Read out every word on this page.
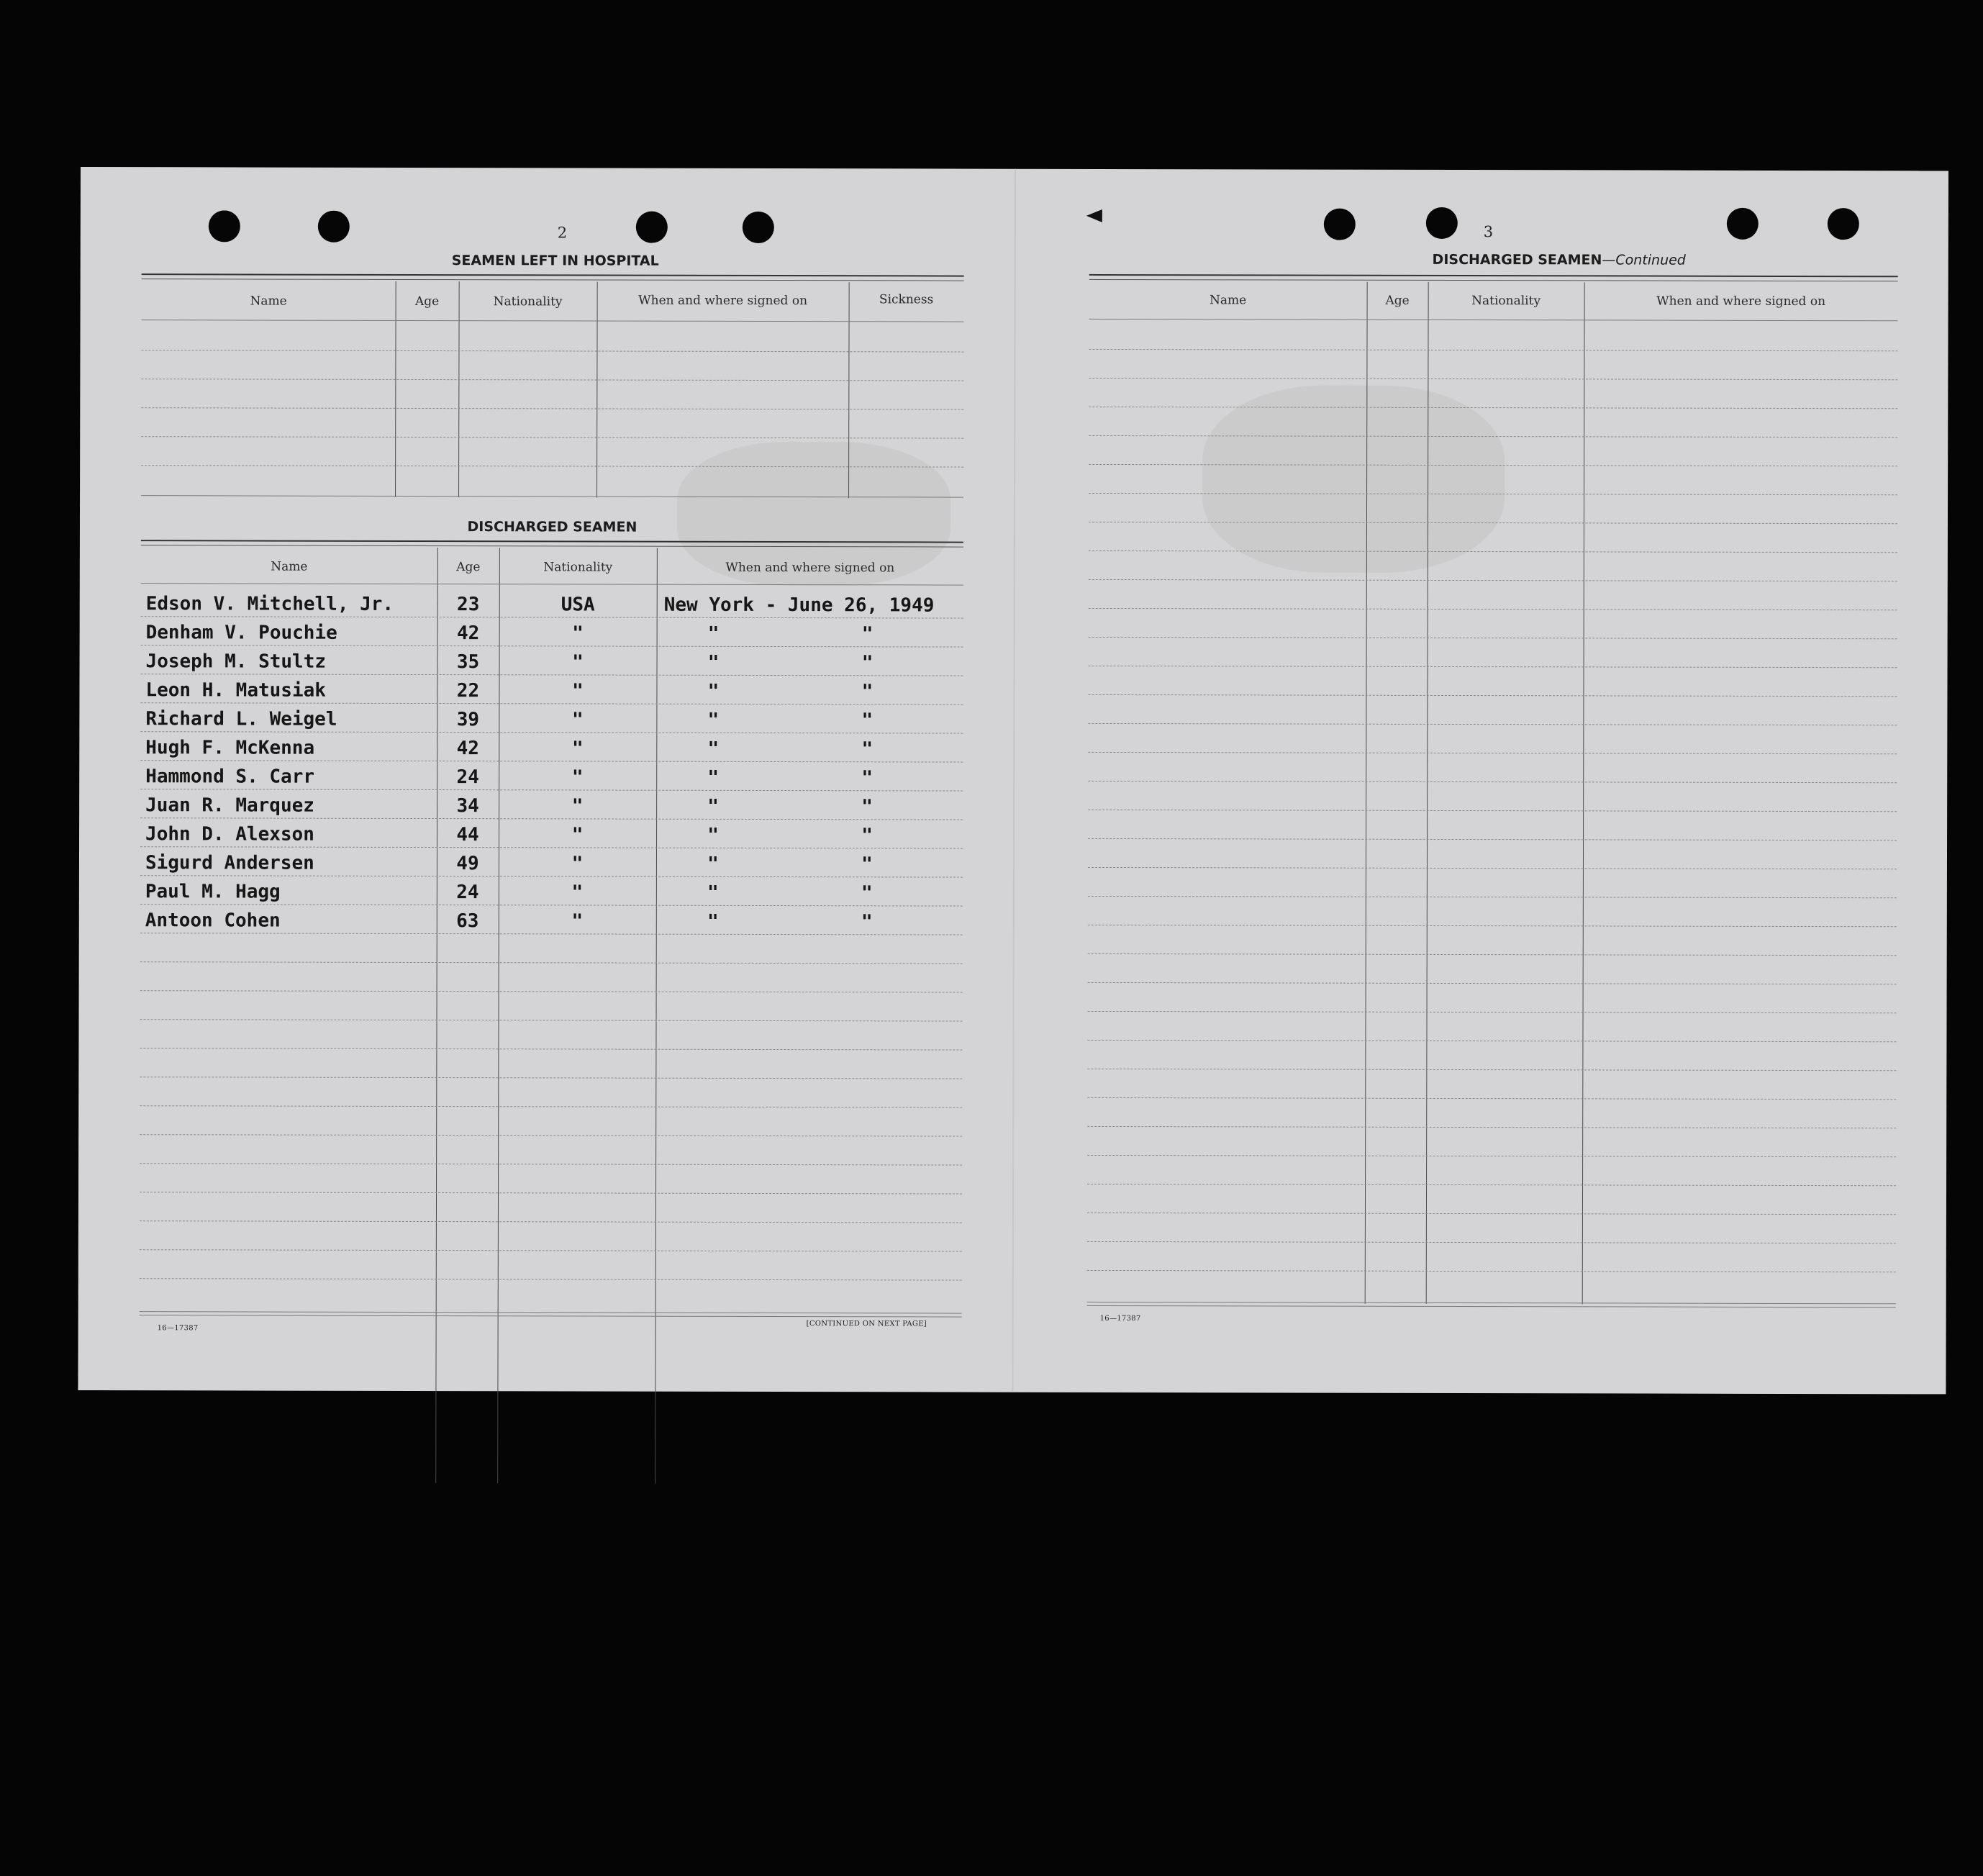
2
SEAMEN LEFT IN HOSPITAL
Name	Age	Nationality	When and where signed on	Sickness
DISCHARGED SEAMEN
Name	Age	Nationality	When and where signed on
Edson V. Mitchell, Jr.	23	USA	New York - June 26, 1949
Denham V. Pouchie	42	"	"	"
Joseph M. Stultz	35	"	"	"
Leon H. Matusiak	22	"	"	"
Richard L. Weigel	39	"	"	"
Hugh F. McKenna	42	"	"	"
Hammond S. Carr	24	"	"	"
Juan R. Marquez	34	"	"	"
John D. Alexson	44	"	"	"
Sigurd Andersen	49	"	"	"
Paul M. Hagg	24	"	"	"
Antoon Cohen	63	"	"	"
16—17387
[CONTINUED ON NEXT PAGE]
3
DISCHARGED SEAMEN—Continued
Name	Age	Nationality	When and where signed on
16—17387
